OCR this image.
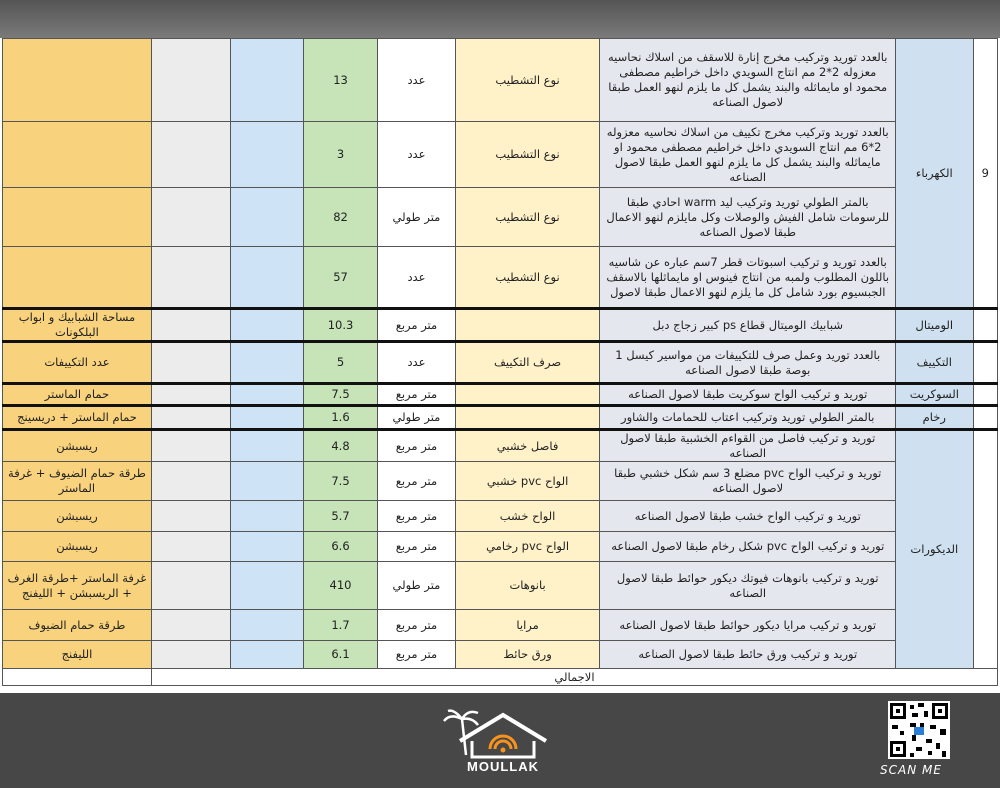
9	الكهرباء	بالعدد توريد وتركيب مخرج إنارة للاسقف من اسلاك نحاسيه معزوله 2*2 مم انتاج السويدي داخل خراطيم مصطفى محمود او مايماثله والبند يشمل كل ما يلزم لنهو العمل طبقا لاصول الصناعه	نوع التشطيب	عدد	13			
		بالعدد توريد وتركيب مخرج تكييف من اسلاك نحاسيه معزوله 2*6 مم انتاج السويدي داخل خراطيم مصطفى محمود او مايماثله والبند يشمل كل ما يلزم لنهو العمل طبقا لاصول الصناعه	نوع التشطيب	عدد	3			
		بالمتر الطولي توريد وتركيب ليد warm احادي طبقا للرسومات شامل الفيش والوصلات وكل مايلزم لنهو الاعمال طبقا لاصول الصناعه	نوع التشطيب	متر طولي	82			
		بالعدد توريد و تركيب اسبوتات قطر 7سم عباره عن شاسيه باللون المطلوب ولمبه من انتاج فينوس او مايماثلها بالاسقف الجبسيوم بورد شامل كل ما يلزم لنهو الاعمال طبقا لاصول	نوع التشطيب	عدد	57			
	الوميتال	شبابيك الوميتال قطاع ps كبير زجاج دبل		متر مربع	10.3			مساحة الشبابيك و ابواب البلكونات
	التكييف	بالعدد توريد وعمل صرف للتكييفات من مواسير كيسل 1 بوصة طبقا لاصول الصناعه	صرف التكييف	عدد	5			عدد التكييفات
	السوكريت	توريد و تركيب الواح سوكريت طبقا لاصول الصناعه		متر مربع	7.5			حمام الماستر
	رخام	بالمتر الطولي توريد وتركيب اعتاب للحمامات والشاور		متر طولي	1.6			حمام الماستر + دريسينج
	الديكورات	توريد و تركيب فاصل من القواءم الخشبية طبقا لاصول الصناعه	فاصل خشبي	متر مربع	4.8			ريسبشن
		توريد و تركيب الواح pvc مضلع 3 سم شكل خشبي طبقا لاصول الصناعه	الواح pvc خشبي	متر مربع	7.5			طرقة حمام الضيوف + غرفة الماستر
		توريد و تركيب الواح خشب طبقا لاصول الصناعه	الواح خشب	متر مربع	5.7			ريسبشن
		توريد و تركيب الواح pvc شكل رخام طبقا لاصول الصناعه	الواح pvc رخامي	متر مربع	6.6			ريسبشن
		توريد و تركيب بانوهات فيوتك ديكور حوائط طبقا لاصول الصناعه	بانوهات	متر طولي	410			غرفة الماستر +طرقة الغرف + الريسبشن + الليفنج
		توريد و تركيب مرايا ديكور حوائط طبقا لاصول الصناعه	مرايا	متر مربع	1.7			طرقة حمام الضيوف
		توريد و تركيب ورق حائط طبقا لاصول الصناعه	ورق حائط	متر مربع	6.1			الليفنج
الاجمالي								
MOULLAK	SCAN ME
